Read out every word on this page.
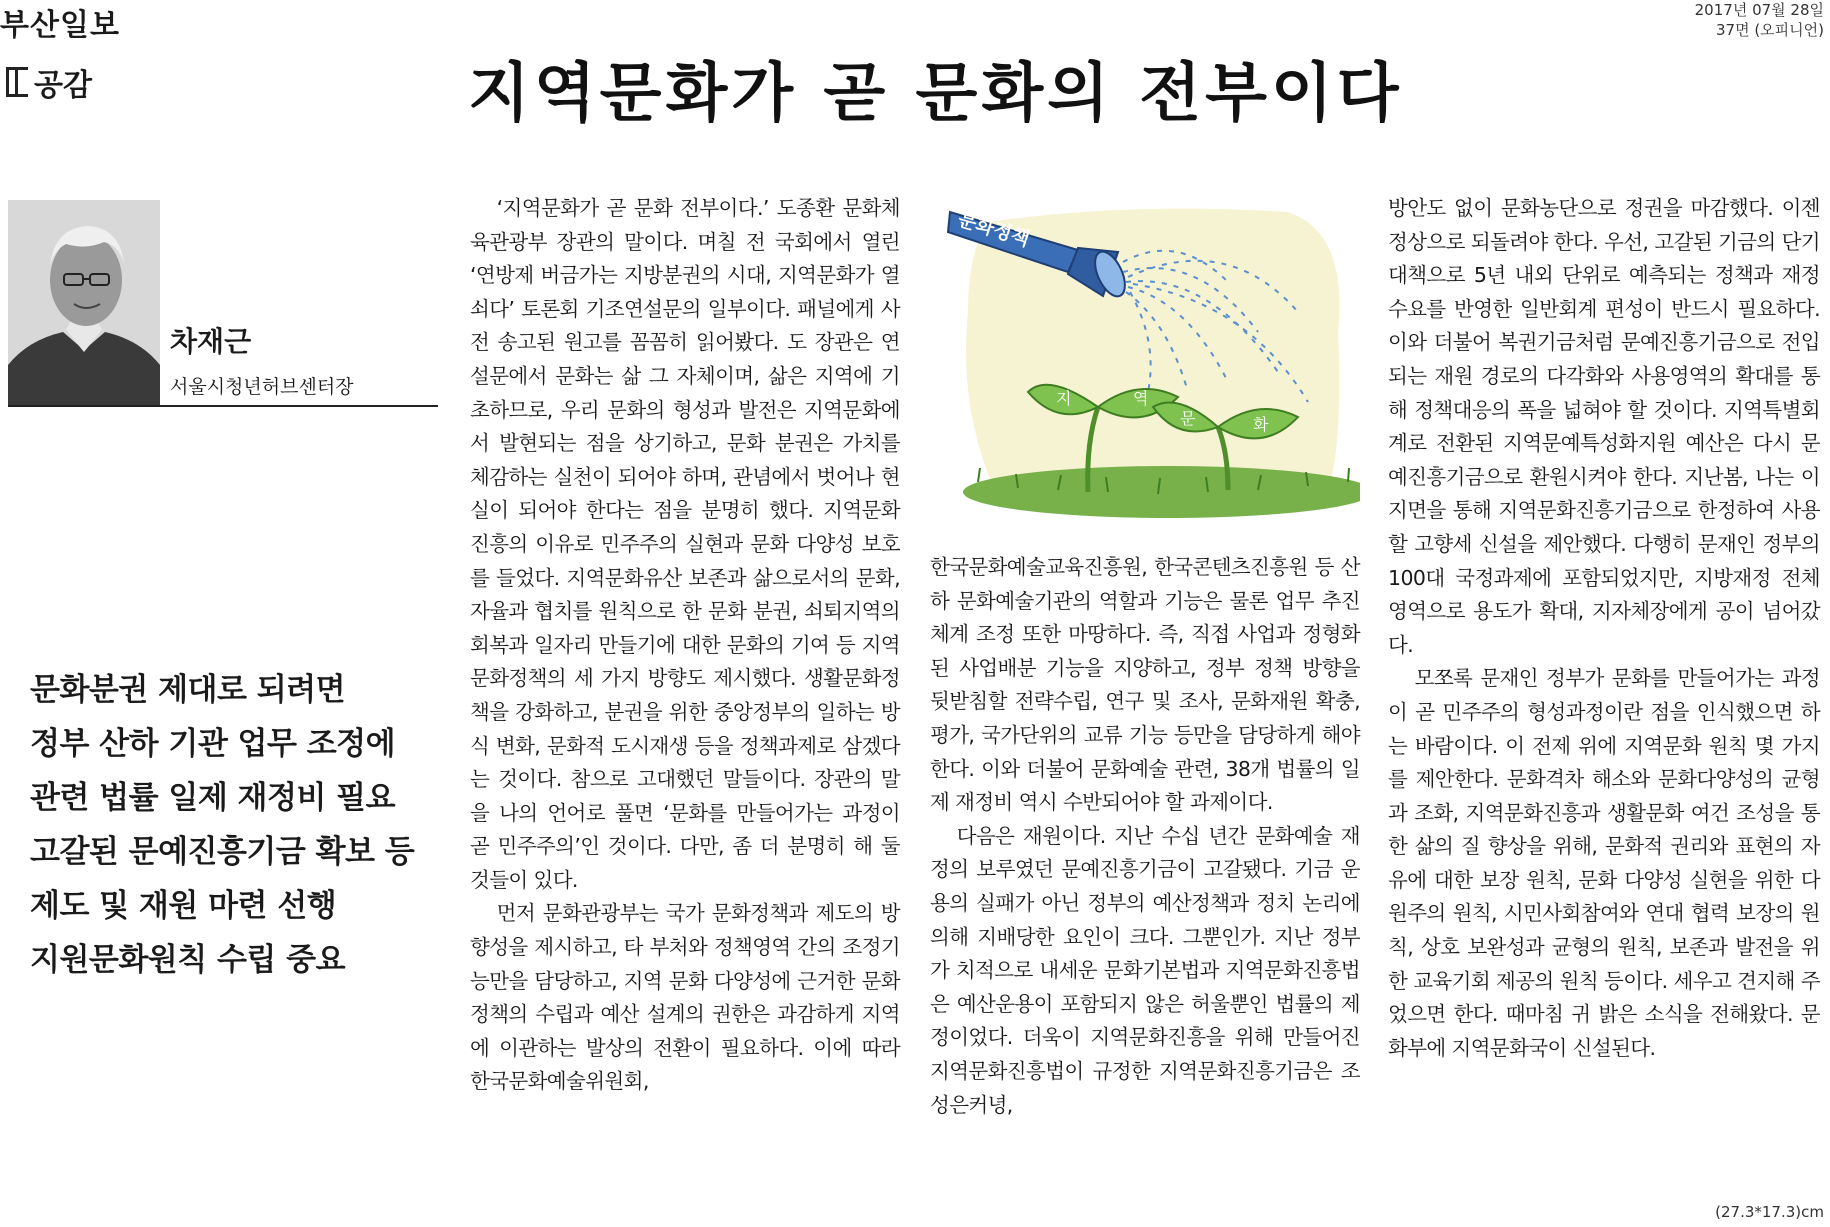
부산일보
공감
2017년 07월 28일
37면 (오피니언)
지역문화가 곧 문화의 전부이다
차재근
서울시청년허브센터장
문화분권 제대로 되려면
정부 산하 기관 업무 조정에
관련 법률 일제 재정비 필요
고갈된 문예진흥기금 확보 등
제도 및 재원 마련 선행
지원문화원칙 수립 중요

‘지역문화가 곧 문화 전부이다.’ 도종환 문화체육관광부 장관의 말이다. 며칠 전 국회에서 열린 ‘연방제 버금가는 지방분권의 시대, 지역문화가 열쇠다’ 토론회 기조연설문의 일부이다. 패널에게 사전 송고된 원고를 꼼꼼히 읽어봤다. 도 장관은 연설문에서 문화는 삶 그 자체이며, 삶은 지역에 기초하므로, 우리 문화의 형성과 발전은 지역문화에서 발현되는 점을 상기하고, 문화 분권은 가치를 체감하는 실천이 되어야 하며, 관념에서 벗어나 현실이 되어야 한다는 점을 분명히 했다. 지역문화 진흥의 이유로 민주주의 실현과 문화 다양성 보호를 들었다. 지역문화유산 보존과 삶으로서의 문화, 자율과 협치를 원칙으로 한 문화 분권, 쇠퇴지역의 회복과 일자리 만들기에 대한 문화의 기여 등 지역문화정책의 세 가지 방향도 제시했다. 생활문화정책을 강화하고, 분권을 위한 중앙정부의 일하는 방식 변화, 문화적 도시재생 등을 정책과제로 삼겠다는 것이다. 참으로 고대했던 말들이다. 장관의 말을 나의 언어로 풀면 ‘문화를 만들어가는 과정이 곧 민주주의’인 것이다. 다만, 좀 더 분명히 해 둘 것들이 있다.

먼저 문화관광부는 국가 문화정책과 제도의 방향성을 제시하고, 타 부처와 정책영역 간의 조정기능만을 담당하고, 지역 문화 다양성에 근거한 문화정책의 수립과 예산 설계의 권한은 과감하게 지역에 이관하는 발상의 전환이 필요하다. 이에 따라 한국문화예술위원회,

문화정책
지	역
문	화

한국문화예술교육진흥원, 한국콘텐츠진흥원 등 산하 문화예술기관의 역할과 기능은 물론 업무 추진체계 조정 또한 마땅하다. 즉, 직접 사업과 정형화된 사업배분 기능을 지양하고, 정부 정책 방향을 뒷받침할 전략수립, 연구 및 조사, 문화재원 확충, 평가, 국가단위의 교류 기능 등만을 담당하게 해야 한다. 이와 더불어 문화예술 관련, 38개 법률의 일제 재정비 역시 수반되어야 할 과제이다.

다음은 재원이다. 지난 수십 년간 문화예술 재정의 보루였던 문예진흥기금이 고갈됐다. 기금 운용의 실패가 아닌 정부의 예산정책과 정치 논리에 의해 지배당한 요인이 크다. 그뿐인가. 지난 정부가 치적으로 내세운 문화기본법과 지역문화진흥법은 예산운용이 포함되지 않은 허울뿐인 법률의 제정이었다. 더욱이 지역문화진흥을 위해 만들어진 지역문화진흥법이 규정한 지역문화진흥기금은 조성은커녕,

방안도 없이 문화농단으로 정권을 마감했다. 이젠 정상으로 되돌려야 한다. 우선, 고갈된 기금의 단기 대책으로 5년 내외 단위로 예측되는 정책과 재정 수요를 반영한 일반회계 편성이 반드시 필요하다. 이와 더불어 복권기금처럼 문예진흥기금으로 전입되는 재원 경로의 다각화와 사용영역의 확대를 통해 정책대응의 폭을 넓혀야 할 것이다. 지역특별회계로 전환된 지역문예특성화지원 예산은 다시 문예진흥기금으로 환원시켜야 한다. 지난봄, 나는 이 지면을 통해 지역문화진흥기금으로 한정하여 사용할 고향세 신설을 제안했다. 다행히 문재인 정부의 100대 국정과제에 포함되었지만, 지방재정 전체 영역으로 용도가 확대, 지자체장에게 공이 넘어갔다.

모쪼록 문재인 정부가 문화를 만들어가는 과정이 곧 민주주의 형성과정이란 점을 인식했으면 하는 바람이다. 이 전제 위에 지역문화 원칙 몇 가지를 제안한다. 문화격차 해소와 문화다양성의 균형과 조화, 지역문화진흥과 생활문화 여건 조성을 통한 삶의 질 향상을 위해, 문화적 권리와 표현의 자유에 대한 보장 원칙, 문화 다양성 실현을 위한 다원주의 원칙, 시민사회참여와 연대 협력 보장의 원칙, 상호 보완성과 균형의 원칙, 보존과 발전을 위한 교육기회 제공의 원칙 등이다. 세우고 견지해 주었으면 한다. 때마침 귀 밝은 소식을 전해왔다. 문화부에 지역문화국이 신설된다.

(27.3*17.3)cm
